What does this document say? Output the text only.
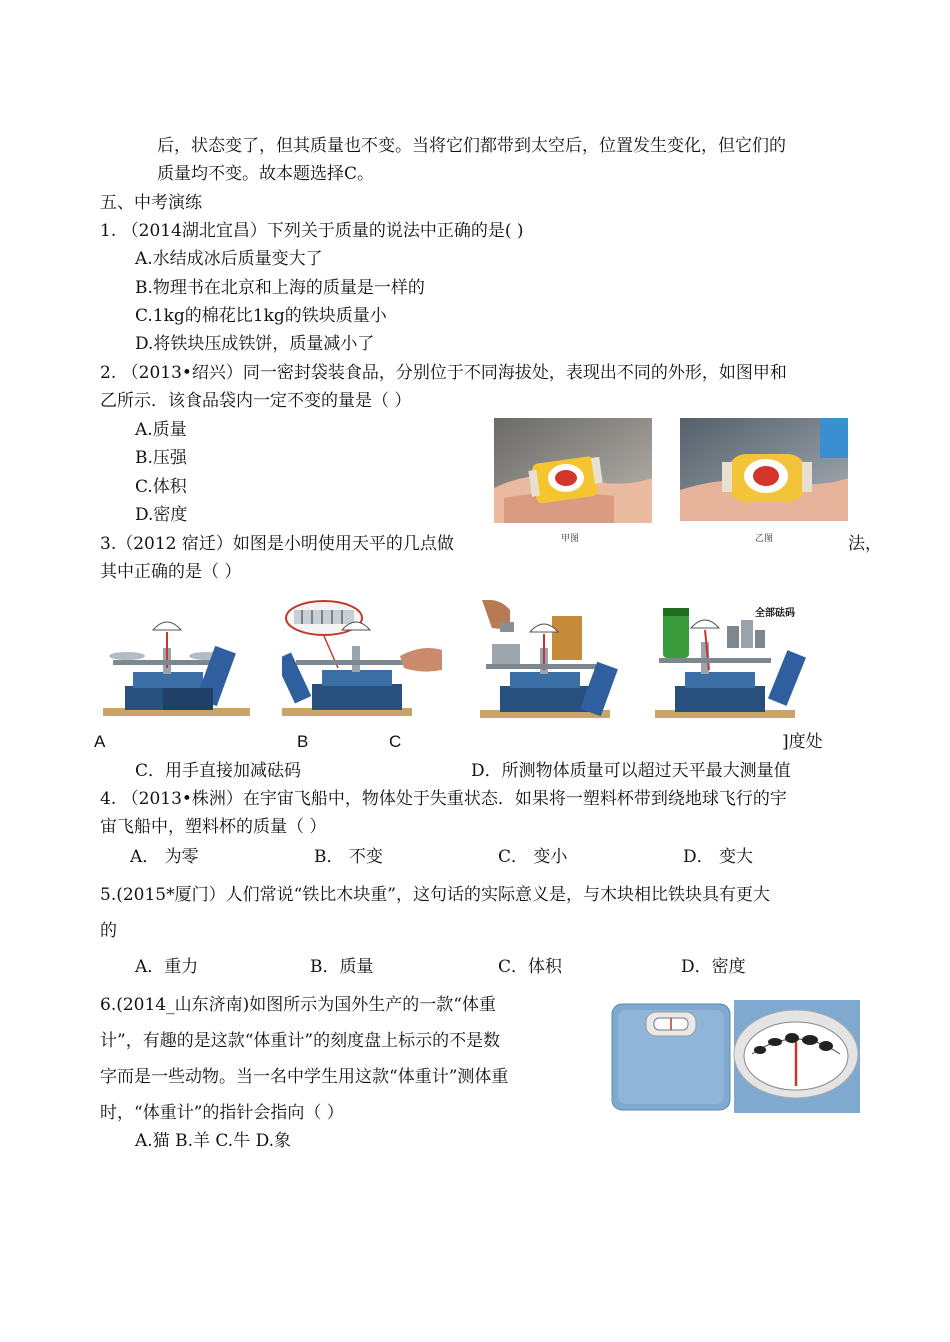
后，状态变了，但其质量也不变。当将它们都带到太空后，位置发生变化，但它们的
质量均不变。故本题选择C。
五、中考演练
1. （2014湖北宜昌）下列关于质量的说法中正确的是( )
A.水结成冰后质量变大了
B.物理书在北京和上海的质量是一样的
C.1kg的棉花比1kg的铁块质量小
D.将铁块压成铁饼，质量减小了
2. （2013•绍兴）同一密封袋装食品，分别位于不同海拔处，表现出不同的外形，如图甲和
乙所示．该食品袋内一定不变的量是（ ）
A.质量
B.压强
C.体积
D.密度
甲图	乙图
3.（2012 宿迁）如图是小明使用天平的几点做	法，
其中正确的是（ ）
A	B	C
全部砝码
]度处
C．用手直接加减砝码	D．所测物体质量可以超过天平最大测量值
4. （2013•株洲）在宇宙飞船中，物体处于失重状态．如果将一塑料杯带到绕地球飞行的宇
宙飞船中，塑料杯的质量（ ）
A． 为零	B． 不变	C． 变小	D． 变大
5.(2015*厦门）人们常说“铁比木块重”，这句话的实际意义是，与木块相比铁块具有更大
的
A．重力	B．质量	C．体积	D．密度
6.(2014_山东济南)如图所示为国外生产的一款“体重
计”，有趣的是这款“体重计”的刻度盘上标示的不是数
字而是一些动物。当一名中学生用这款“体重计”测体重
时，“体重计”的指针会指向（ ）
A.猫 B.羊 C.牛 D.象
